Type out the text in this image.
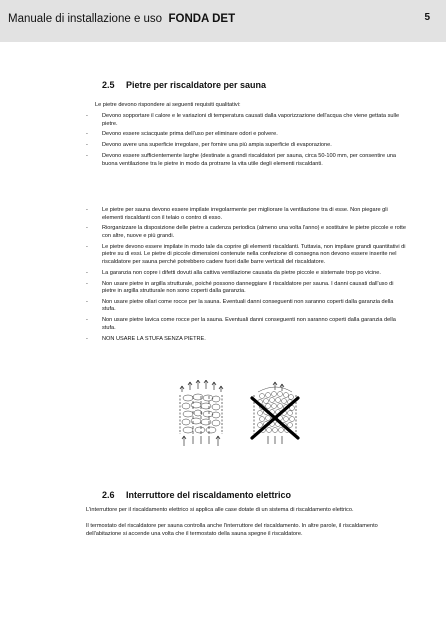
Manuale di installazione e uso FONDA DET	5
2.5 Pietre per riscaldatore per sauna
Le pietre devono rispondere ai seguenti requisiti qualitativi:
-	Devono sopportare il calore e le variazioni di temperatura causati dalla vaporizzazione dell'acqua che viene gettata sulle pietre.
-	Devono essere sciacquate prima dell'uso per eliminare odori e polvere.
-	Devono avere una superficie irregolare, per fornire una più ampia superficie di evaporazione.
-	Devono essere sufficientemente larghe (destinate a grandi riscaldatori per sauna, circa 50-100 mm, per consentire una buona ventilazione tra le pietre in modo da protrarre la vita utile degli elementi riscaldanti.
-	Le pietre per sauna devono essere impilate irregolarmente per migliorare la ventilazione tra di esse. Non piegare gli elementi riscaldanti con il telaio o contro di esso.
-	Riorganizzare la disposizione delle pietre a cadenza periodica (almeno una volta l'anno) e sostituire le pietre piccole e rotte con altre, nuove e più grandi.
-	Le pietre devono essere impilate in modo tale da coprire gli elementi riscaldanti. Tuttavia, non impilare grandi quantitativi di pietre su di essi. Le pietre di piccole dimensioni contenute nella confezione di consegna non devono essere inserite nel riscaldatore per sauna perché potrebbero cadere fuori dalle barre verticali del riscaldatore.
-	La garanzia non copre i difetti dovuti alla cattiva ventilazione causata da pietre piccole e sistemate trop po vicine.
-	Non usare pietre in argilla strutturale, poiché possono danneggiare il riscaldatore per sauna. I danni causati dall'uso di pietre in argilla strutturale non sono coperti dalla garanzia.
-	Non usare pietre ollari come rocce per la sauna. Eventuali danni conseguenti non saranno coperti dalla garanzia della stufa.
-	Non usare pietre lavica come rocce per la sauna. Eventuali danni conseguenti non saranno coperti dalla garanzia della stufa.
-	NON USARE LA STUFA SENZA PIETRE.
2.6 Interruttore del riscaldamento elettrico
L'interruttore per il riscaldamento elettrico si applica alle case dotate di un sistema di riscaldamento elettrico.
Il termostato del riscaldatore per sauna controlla anche l'interruttore del riscaldamento. In altre parole, il riscaldamento dell'abitazione si accende una volta che il termostato della sauna spegne il riscaldatore.
